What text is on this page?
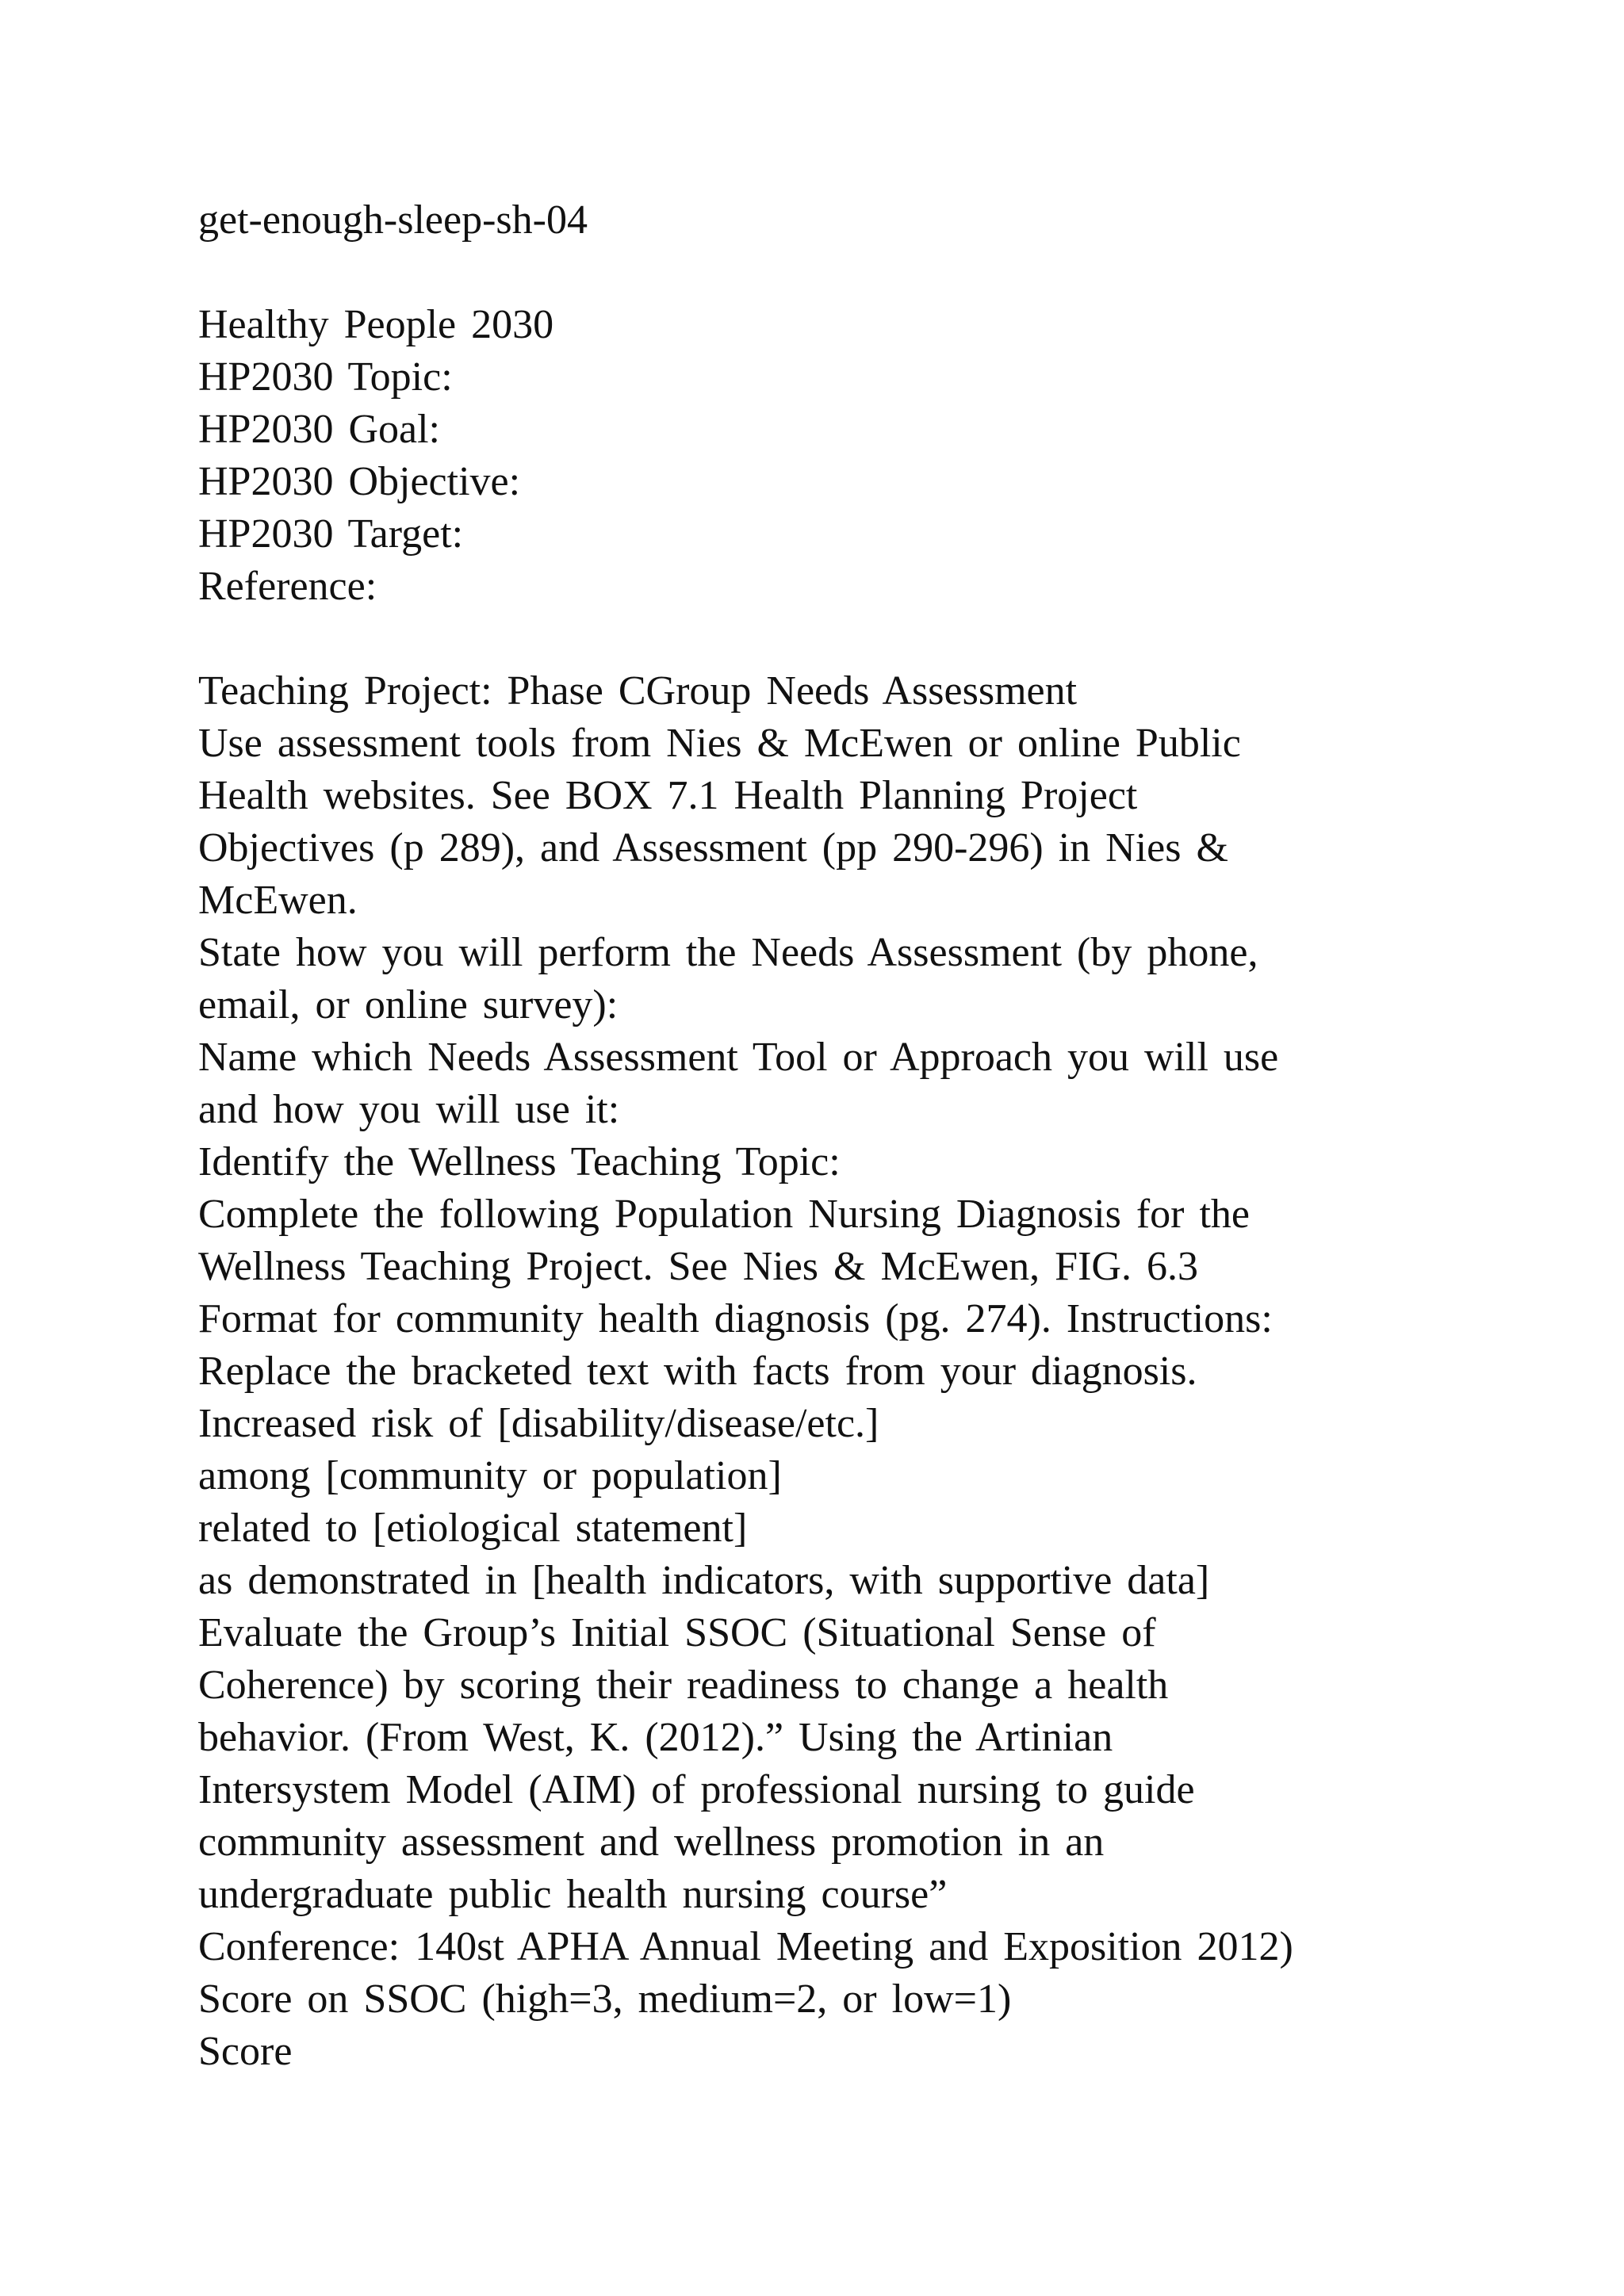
get-enough-sleep-sh-04
Healthy People 2030
HP2030 Topic:
HP2030 Goal:
HP2030 Objective:
HP2030 Target:
Reference:
Teaching Project: Phase CGroup Needs Assessment
Use assessment tools from Nies & McEwen or online Public
Health websites. See BOX 7.1 Health Planning Project
Objectives (p 289), and Assessment (pp 290-296) in Nies &
McEwen.
State how you will perform the Needs Assessment (by phone,
email, or online survey):
Name which Needs Assessment Tool or Approach you will use
and how you will use it:
Identify the Wellness Teaching Topic:
Complete the following Population Nursing Diagnosis for the
Wellness Teaching Project. See Nies & McEwen, FIG. 6.3
Format for community health diagnosis (pg. 274). Instructions:
Replace the bracketed text with facts from your diagnosis.
Increased risk of [disability/disease/etc.]
among [community or population]
related to [etiological statement]
as demonstrated in [health indicators, with supportive data]
Evaluate the Group’s Initial SSOC (Situational Sense of
Coherence) by scoring their readiness to change a health
behavior. (From West, K. (2012).” Using the Artinian
Intersystem Model (AIM) of professional nursing to guide
community assessment and wellness promotion in an
undergraduate public health nursing course”
Conference: 140st APHA Annual Meeting and Exposition 2012)
Score on SSOC (high=3, medium=2, or low=1)
Score
